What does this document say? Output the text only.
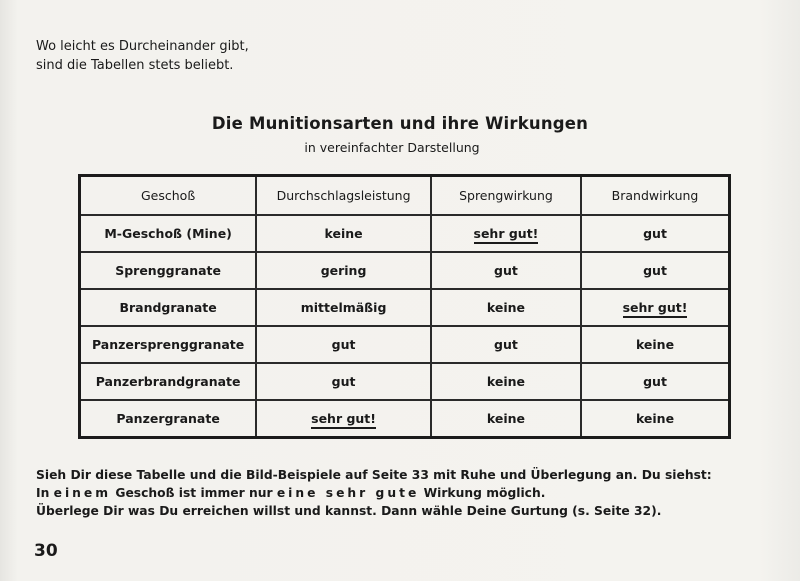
Wo leicht es Durcheinander gibt,
sind die Tabellen stets beliebt.
Die Munitionsarten und ihre Wirkungen
in vereinfachter Darstellung
Geschoß	Durchschlagsleistung	Sprengwirkung	Brandwirkung
M-Geschoß (Mine)	keine	sehr gut!	gut
Sprenggranate	gering	gut	gut
Brandgranate	mittelmäßig	keine	sehr gut!
Panzersprenggranate	gut	gut	keine
Panzerbrandgranate	gut	keine	gut
Panzergranate	sehr gut!	keine	keine
Sieh Dir diese Tabelle und die Bild-Beispiele auf Seite 33 mit Ruhe und Überlegung an. Du siehst:
In einem Geschoß ist immer nur eine sehr gute Wirkung möglich.
Überlege Dir was Du erreichen willst und kannst. Dann wähle Deine Gurtung (s. Seite 32).
30
